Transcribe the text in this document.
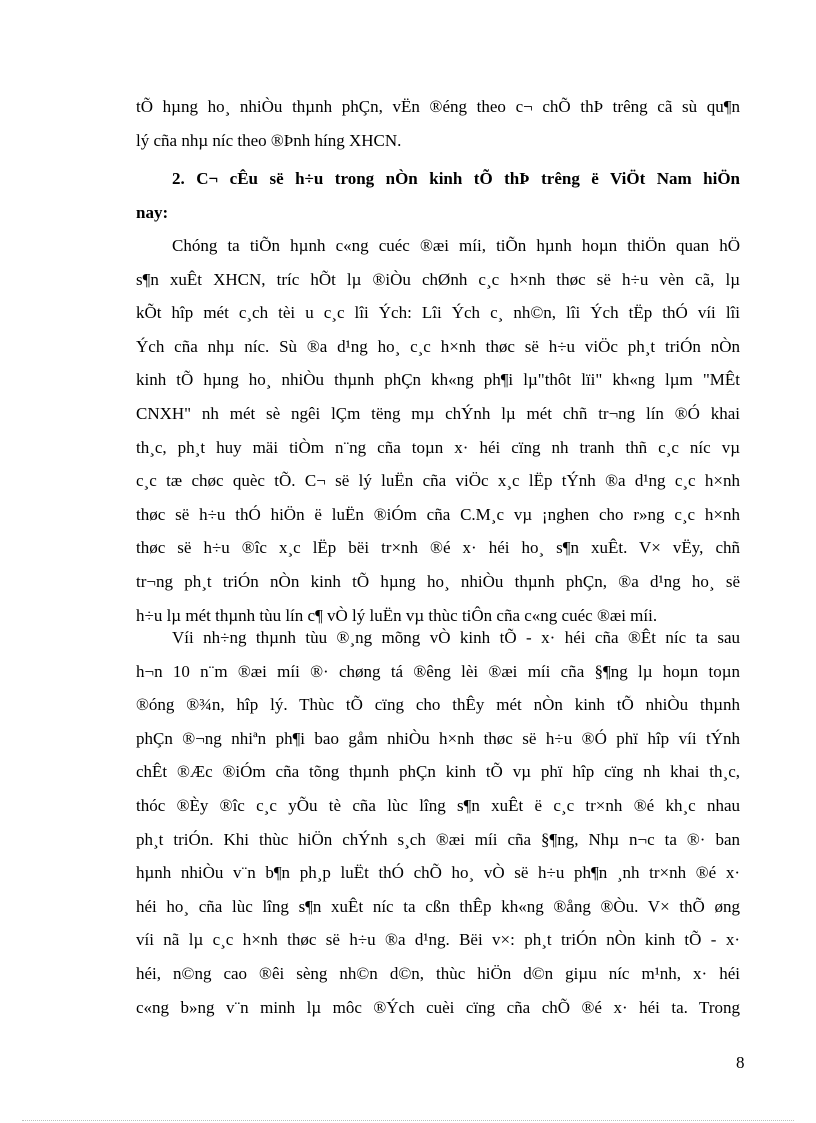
tÕ hµng ho¸ nhiÒu thµnh phÇn, vËn ®éng theo c¬ chÕ thÞ trêng cã sù qu¶n
lý cña nhµ níc theo ®Þnh híng XHCN.
2. C¬ cÊu së h÷u trong nÒn kinh tÕ thÞ trêng ë ViÖt Nam hiÖn
nay:
Chóng ta tiÕn hµnh c«ng cuéc ®æi míi, tiÕn hµnh hoµn thiÖn quan hÖ
s¶n xuÊt XHCN, tríc hÕt lµ ®iÒu chØnh c¸c h×nh thøc së h÷u vèn cã, lµ
kÕt hîp mét c¸ch tèi u c¸c lîi Ých: Lîi Ých c¸ nh©n, lîi Ých tËp thÓ víi lîi
Ých cña nhµ níc. Sù ®a d¹ng ho¸ c¸c h×nh thøc së h÷u viÖc ph¸t triÓn nÒn
kinh tÕ hµng ho¸ nhiÒu thµnh phÇn kh«ng ph¶i lµ"thôt lïi" kh«ng lµm "MÊt
CNXH" nh mét sè ngêi lÇm tëng mµ chÝnh lµ mét chñ tr¬ng lín ®Ó khai
th¸c, ph¸t huy mäi tiÒm n¨ng cña toµn x· héi cïng nh tranh thñ c¸c níc vµ
c¸c tæ chøc quèc tÕ. C¬ së lý luËn cña viÖc x¸c lËp tÝnh ®a d¹ng c¸c h×nh
thøc së h÷u thÓ hiÖn ë luËn ®iÓm cña C.M¸c vµ ¡nghen cho r»ng c¸c h×nh
thøc së h÷u ®îc x¸c lËp bëi tr×nh ®é x· héi ho¸ s¶n xuÊt. V× vËy, chñ
tr¬ng ph¸t triÓn nÒn kinh tÕ hµng ho¸ nhiÒu thµnh phÇn, ®a d¹ng ho¸ së
h÷u lµ mét thµnh tùu lín c¶ vÒ lý luËn vµ thùc tiÔn cña c«ng cuéc ®æi míi.
Víi nh÷ng thµnh tùu ®¸ng mõng vÒ kinh tÕ - x· héi cña ®Êt níc ta sau
h¬n 10 n¨m ®æi míi ®· chøng tá ®êng lèi ®æi míi cña §¶ng lµ hoµn toµn
®óng ®¾n, hîp lý. Thùc tÕ cïng cho thÊy mét nÒn kinh tÕ nhiÒu thµnh
phÇn ®¬ng nhiªn ph¶i bao gåm nhiÒu h×nh thøc së h÷u ®Ó phï hîp víi tÝnh
chÊt ®Æc ®iÓm cña tõng thµnh phÇn kinh tÕ vµ phï hîp cïng nh khai th¸c,
thóc ®Èy ®îc c¸c yÕu tè cña lùc lîng s¶n xuÊt ë c¸c tr×nh ®é kh¸c nhau
ph¸t triÓn. Khi thùc hiÖn chÝnh s¸ch ®æi míi cña §¶ng, Nhµ n¬c ta ®· ban
hµnh nhiÒu v¨n b¶n ph¸p luËt thÓ chÕ ho¸ vÒ së h÷u ph¶n ¸nh tr×nh ®é x·
héi ho¸ cña lùc lîng s¶n xuÊt níc ta cßn thÊp kh«ng ®ång ®Òu. V× thÕ øng
víi nã lµ c¸c h×nh thøc së h÷u ®a d¹ng. Bëi v×: ph¸t triÓn nÒn kinh tÕ - x·
héi, n©ng cao ®êi sèng nh©n d©n, thùc hiÖn d©n giµu níc m¹nh, x· héi
c«ng b»ng v¨n minh lµ môc ®Ých cuèi cïng cña chÕ ®é x· héi ta. Trong
8
